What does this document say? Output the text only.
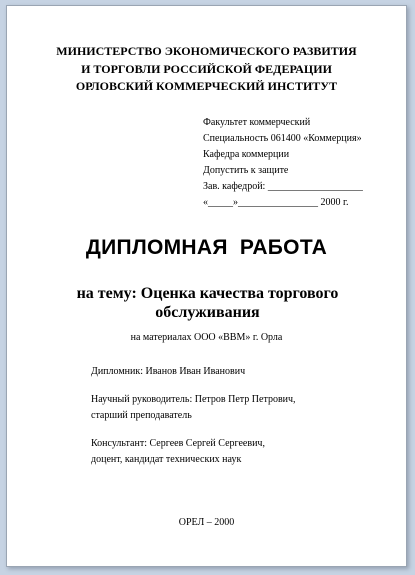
МИНИСТЕРСТВО ЭКОНОМИЧЕСКОГО РАЗВИТИЯ
И ТОРГОВЛИ РОССИЙСКОЙ ФЕДЕРАЦИИ
ОРЛОВСКИЙ КОММЕРЧЕСКИЙ ИНСТИТУТ
Факультет коммерческий
Специальность 061400 «Коммерция»
Кафедра коммерции
Допустить к защите
Зав. кафедрой: ___________________
«_____»________________ 2000 г.
ДИПЛОМНАЯ РАБОТА
на тему: Оценка качества торгового обслуживания
на материалах ООО «ВВМ» г. Орла
Дипломник: Иванов Иван Иванович
Научный руководитель: Петров Петр Петрович,
старший преподаватель
Консультант: Сергеев Сергей Сергеевич,
доцент, кандидат технических наук
ОРЕЛ – 2000
